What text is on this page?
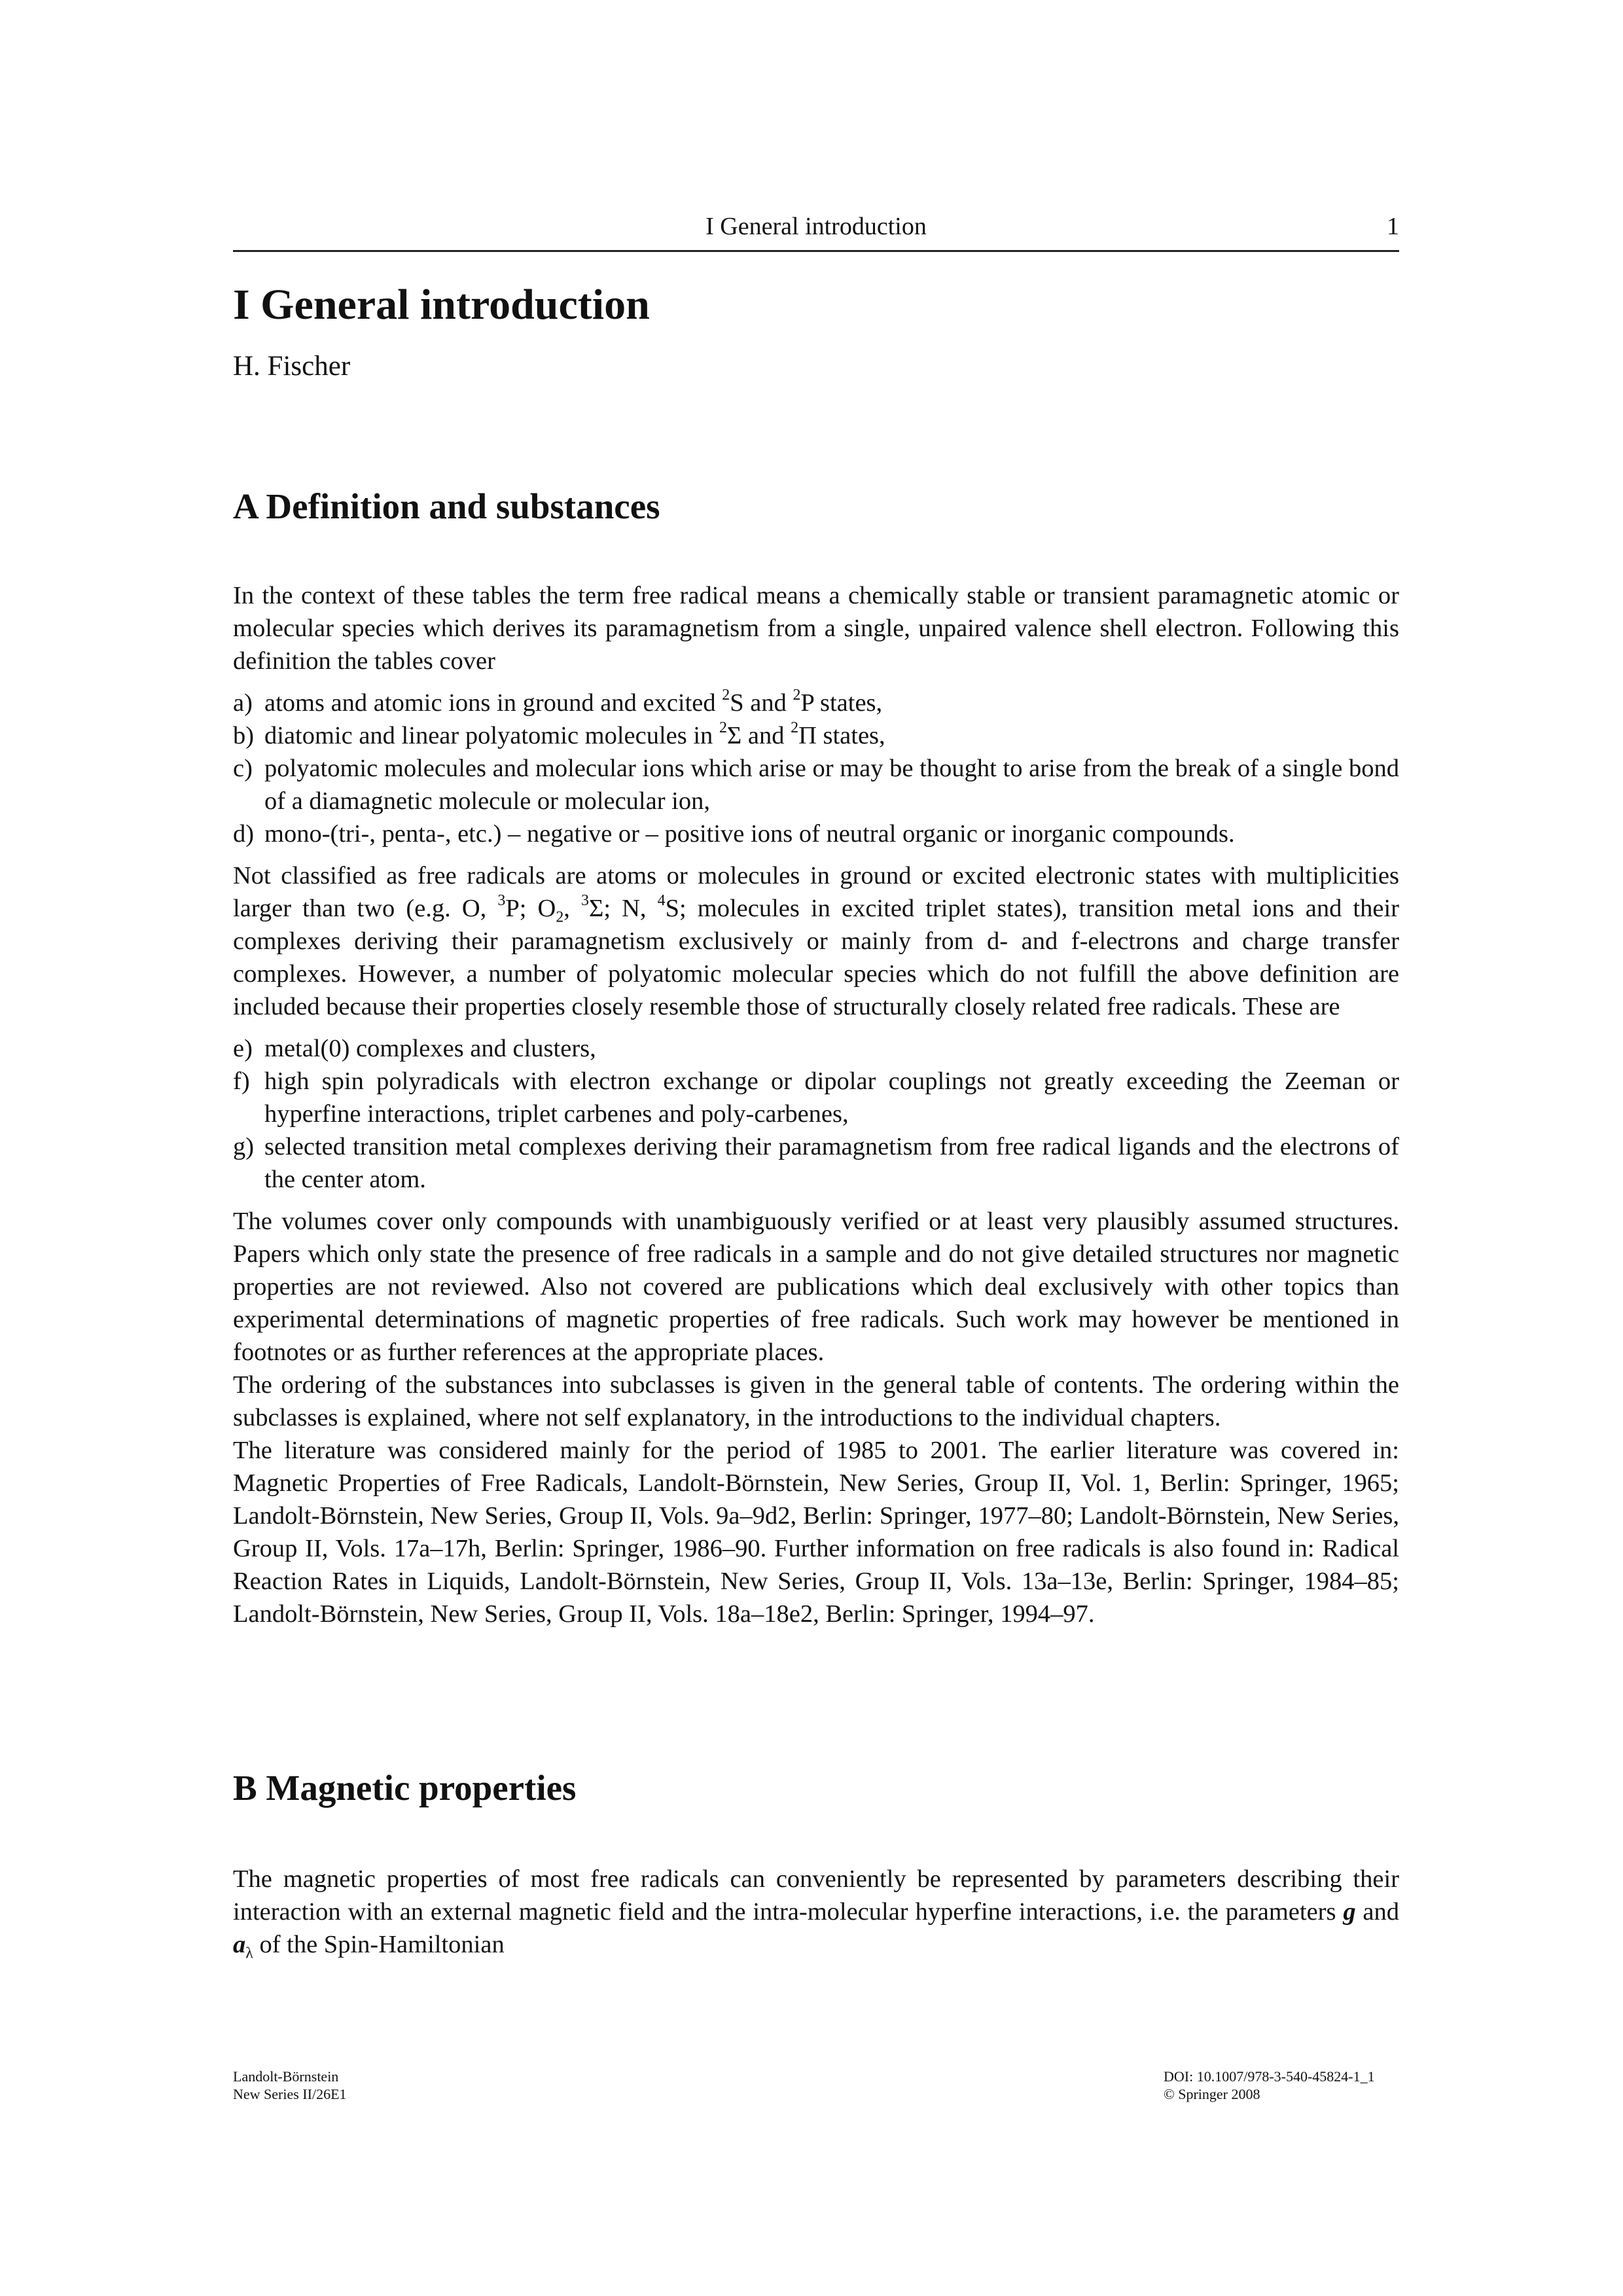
I General introduction	1
I General introduction

H. Fischer

A Definition and substances

In the context of these tables the term free radical means a chemically stable or transient paramagnetic atomic or molecular species which derives its paramagnetism from a single, unpaired valence shell electron. Following this definition the tables cover

a) atoms and atomic ions in ground and excited $^2$S and $^2$P states,
b) diatomic and linear polyatomic molecules in $^2$Σ and $^2$Π states,
c) polyatomic molecules and molecular ions which arise or may be thought to arise from the break of a single bond of a diamagnetic molecule or molecular ion,
d) mono-(tri-, penta-, etc.) – negative or – positive ions of neutral organic or inorganic compounds.

Not classified as free radicals are atoms or molecules in ground or excited electronic states with multiplicities larger than two (e.g. O, $^3$P; $O_2$, $^3$Σ; N, $^4$S; molecules in excited triplet states), transition metal ions and their complexes deriving their paramagnetism exclusively or mainly from d- and f-electrons and charge transfer complexes. However, a number of polyatomic molecular species which do not fulfill the above definition are included because their properties closely resemble those of structurally closely related free radicals. These are

e) metal(0) complexes and clusters,
f) high spin polyradicals with electron exchange or dipolar couplings not greatly exceeding the Zeeman or hyperfine interactions, triplet carbenes and poly-carbenes,
g) selected transition metal complexes deriving their paramagnetism from free radical ligands and the electrons of the center atom.

The volumes cover only compounds with unambiguously verified or at least very plausibly assumed structures. Papers which only state the presence of free radicals in a sample and do not give detailed structures nor magnetic properties are not reviewed. Also not covered are publications which deal exclusively with other topics than experimental determinations of magnetic properties of free radicals. Such work may however be mentioned in footnotes or as further references at the appropriate places.

The ordering of the substances into subclasses is given in the general table of contents. The ordering within the subclasses is explained, where not self explanatory, in the introductions to the individual chapters.

The literature was considered mainly for the period of 1985 to 2001. The earlier literature was covered in: Magnetic Properties of Free Radicals, Landolt-Börnstein, New Series, Group II, Vol. 1, Berlin: Springer, 1965; Landolt-Börnstein, New Series, Group II, Vols. 9a–9d2, Berlin: Springer, 1977–80; Landolt-Börnstein, New Series, Group II, Vols. 17a–17h, Berlin: Springer, 1986–90. Further information on free radicals is also found in: Radical Reaction Rates in Liquids, Landolt-Börnstein, New Series, Group II, Vols. 13a–13e, Berlin: Springer, 1984–85; Landolt-Börnstein, New Series, Group II, Vols. 18a–18e2, Berlin: Springer, 1994–97.

B Magnetic properties

The magnetic properties of most free radicals can conveniently be represented by parameters describing their interaction with an external magnetic field and the intra-molecular hyperfine interactions, i.e. the parameters g and $a_\lambda$ of the Spin-Hamiltonian

Landolt-Börnstein
New Series II/26E1
DOI: 10.1007/978-3-540-45824-1_1
© Springer 2008
